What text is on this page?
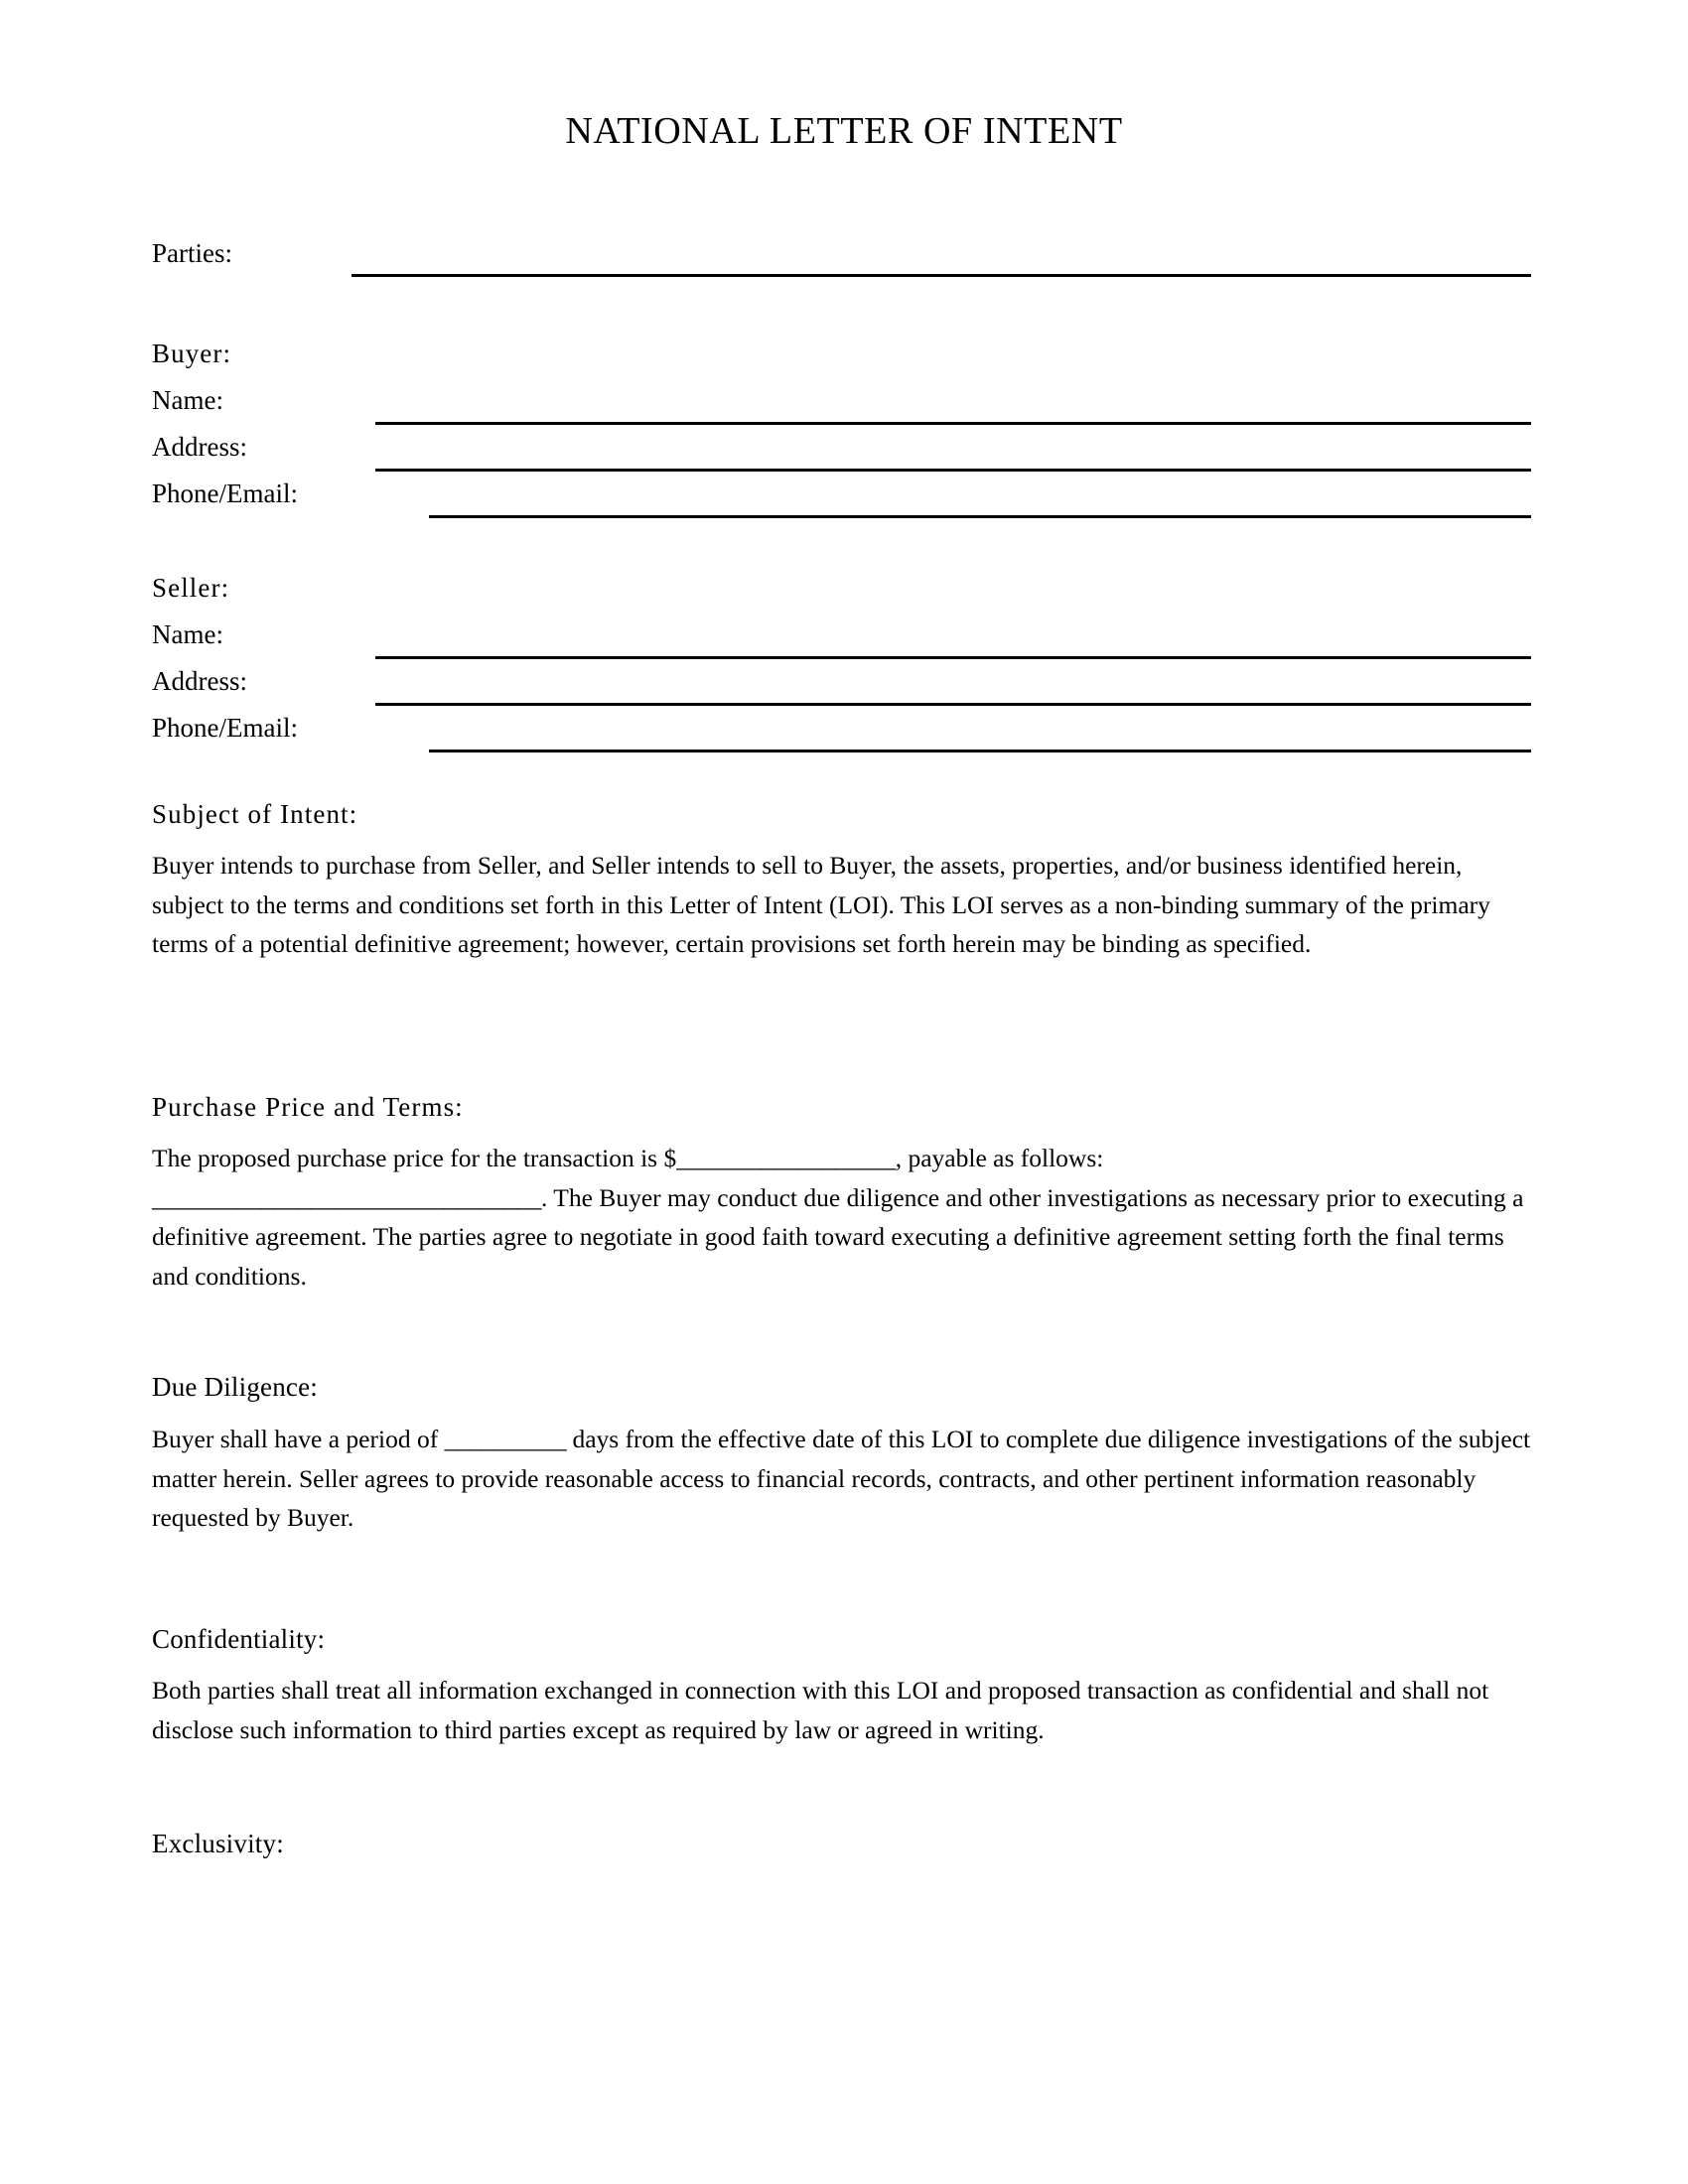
NATIONAL LETTER OF INTENT
Parties:
Buyer:
Name:
Address:
Phone/Email:
Seller:
Name:
Address:
Phone/Email:
Subject of Intent:
Buyer intends to purchase from Seller, and Seller intends to sell to Buyer, the assets, properties, and/or business identified herein, subject to the terms and conditions set forth in this Letter of Intent (LOI). This LOI serves as a non-binding summary of the primary terms of a potential definitive agreement; however, certain provisions set forth herein may be binding as specified.
Purchase Price and Terms:
The proposed purchase price for the transaction is $__________________, payable as follows:
________________________________. The Buyer may conduct due diligence and other investigations as necessary prior to executing a definitive agreement. The parties agree to negotiate in good faith toward executing a definitive agreement setting forth the final terms and conditions.
Due Diligence:
Buyer shall have a period of __________ days from the effective date of this LOI to complete due diligence investigations of the subject matter herein. Seller agrees to provide reasonable access to financial records, contracts, and other pertinent information reasonably requested by Buyer.
Confidentiality:
Both parties shall treat all information exchanged in connection with this LOI and proposed transaction as confidential and shall not disclose such information to third parties except as required by law or agreed in writing.
Exclusivity:
